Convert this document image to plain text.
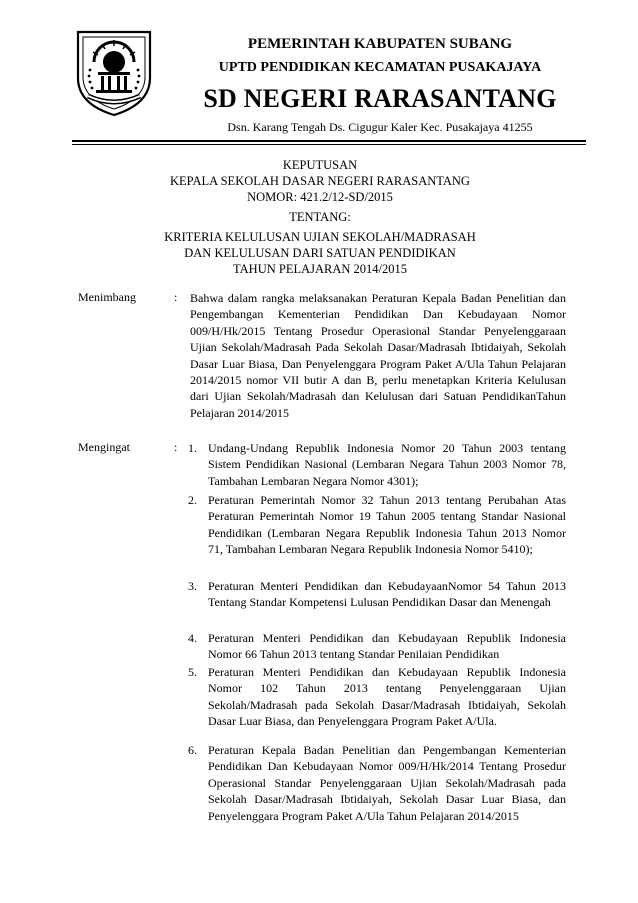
PEMERINTAH KABUPATEN SUBANG
UPTD PENDIDIKAN KECAMATAN PUSAKAJAYA
SD NEGERI RARASANTANG
Dsn. Karang Tengah Ds. Cigugur Kaler Kec. Pusakajaya 41255
KEPUTUSAN
KEPALA SEKOLAH DASAR NEGERI RARASANTANG
NOMOR: 421.2/12-SD/2015
TENTANG:
KRITERIA KELULUSAN UJIAN SEKOLAH/MADRASAH
DAN KELULUSAN DARI SATUAN PENDIDIKAN
TAHUN PELAJARAN 2014/2015
Menimbang	: Bahwa dalam rangka melaksanakan Peraturan Kepala Badan Penelitian dan Pengembangan Kementerian Pendidikan Dan Kebudayaan Nomor 009/H/Hk/2015 Tentang Prosedur Operasional Standar Penyelenggaraan Ujian Sekolah/Madrasah Pada Sekolah Dasar/Madrasah Ibtidaiyah, Sekolah Dasar Luar Biasa, Dan Penyelenggara Program Paket A/Ula Tahun Pelajaran 2014/2015 nomor VII butir A dan B, perlu menetapkan Kriteria Kelulusan dari Ujian Sekolah/Madrasah dan Kelulusan dari Satuan PendidikanTahun Pelajaran 2014/2015
Mengingat	: 1. Undang-Undang Republik Indonesia Nomor 20 Tahun 2003 tentang Sistem Pendidikan Nasional (Lembaran Negara Tahun 2003 Nomor 78, Tambahan Lembaran Negara Nomor 4301);
2. Peraturan Pemerintah Nomor 32 Tahun 2013 tentang Perubahan Atas Peraturan Pemerintah Nomor 19 Tahun 2005 tentang Standar Nasional Pendidikan (Lembaran Negara Republik Indonesia Tahun 2013 Nomor 71, Tambahan Lembaran Negara Republik Indonesia Nomor 5410);
3. Peraturan Menteri Pendidikan dan KebudayaanNomor 54 Tahun 2013 Tentang Standar Kompetensi Lulusan Pendidikan Dasar dan Menengah
4. Peraturan Menteri Pendidikan dan Kebudayaan Republik Indonesia Nomor 66 Tahun 2013 tentang Standar Penilaian Pendidikan
5. Peraturan Menteri Pendidikan dan Kebudayaan Republik Indonesia Nomor 102 Tahun 2013 tentang Penyelenggaraan Ujian Sekolah/Madrasah pada Sekolah Dasar/Madrasah Ibtidaiyah, Sekolah Dasar Luar Biasa, dan Penyelenggara Program Paket A/Ula.
6. Peraturan Kepala Badan Penelitian dan Pengembangan Kementerian Pendidikan Dan Kebudayaan Nomor 009/H/Hk/2014 Tentang Prosedur Operasional Standar Penyelenggaraan Ujian Sekolah/Madrasah pada Sekolah Dasar/Madrasah Ibtidaiyah, Sekolah Dasar Luar Biasa, dan Penyelenggara Program Paket A/Ula Tahun Pelajaran 2014/2015
